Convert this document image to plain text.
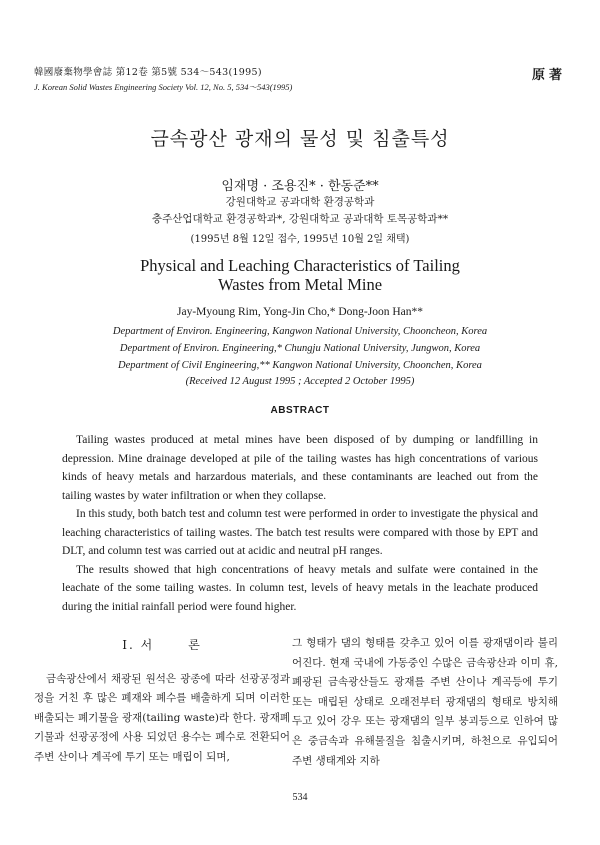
韓國廢棄物學會誌 第12卷 第5號 534～543(1995)
J. Korean Solid Wastes Engineering Society Vol. 12, No. 5, 534～543(1995)
原著
금속광산 광재의 물성 및 침출특성
임재명 · 조용진* · 한동준**
강원대학교 공과대학 환경공학과
충주산업대학교 환경공학과*, 강원대학교 공과대학 토목공학과**
(1995년 8월 12일 접수, 1995년 10월 2일 채택)
Physical and Leaching Characteristics of Tailing
Wastes from Metal Mine
Jay-Myoung Rim, Yong-Jin Cho,* Dong-Joon Han**
Department of Environ. Engineering, Kangwon National University, Chooncheon, Korea
Department of Environ. Engineering,* Chungju National University, Jungwon, Korea
Department of Civil Engineering,** Kangwon National University, Choonchen, Korea
(Received 12 August 1995 ; Accepted 2 October 1995)
ABSTRACT

Tailing wastes produced at metal mines have been disposed of by dumping or landfilling in depression. Mine drainage developed at pile of the tailing wastes has high concentrations of various kinds of heavy metals and harzardous materials, and these contaminants are leached out from the tailing wastes by water infiltration or when they collapse.

In this study, both batch test and column test were performed in order to investigate the physical and leaching characteristics of tailing wastes. The batch test results were compared with those by EPT and DLT, and column test was carried out at acidic and neutral pH ranges.

The results showed that high concentrations of heavy metals and sulfate were contained in the leachate of the some tailing wastes. In column test, levels of heavy metals in the leachate produced during the initial rainfall period were found higher.

Ⅰ. 서	론

금속광산에서 채광된 원석은 광종에 따라 선광공정과정을 거친 후 많은 폐재와 폐수를 배출하게 되며 이러한 배출되는 폐기물을 광재(tailing waste)라 한다. 광재폐기물과 선광공정에 사용 되었던 용수는 폐수로 전환되어 주변 산이나 계곡에 투기 또는 매립이 되며,

그 형태가 댐의 형태를 갖추고 있어 이를 광재댐이라 불리어진다. 현재 국내에 가동중인 수많은 금속광산과 이미 휴,폐광된 금속광산들도 광재를 주변 산이나 계곡등에 투기 또는 매립된 상태로 오래전부터 광재댐의 형태로 방치해 두고 있어 강우 또는 광재댐의 일부 붕괴등으로 인하여 많은 중금속과 유해물질을 침출시키며, 하천으로 유입되어 주변 생태계와 지하

534
